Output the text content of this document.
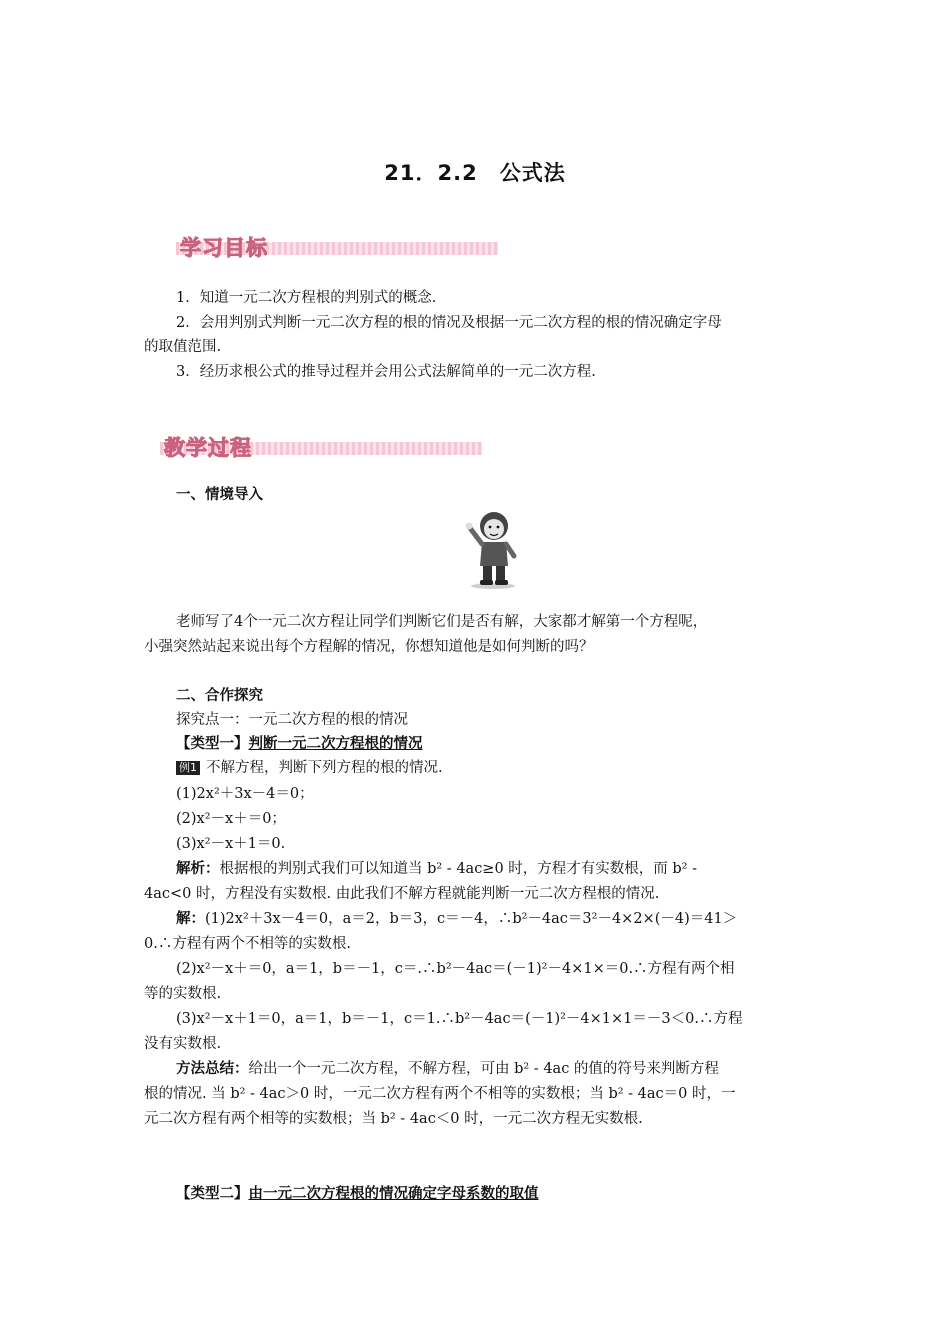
21．2.2　公式法
学习目标
1．知道一元二次方程根的判别式的概念.
2．会用判别式判断一元二次方程的根的情况及根据一元二次方程的根的情况确定字母
的取值范围.
3．经历求根公式的推导过程并会用公式法解简单的一元二次方程.
教学过程
一、情境导入
老师写了4个一元二次方程让同学们判断它们是否有解，大家都才解第一个方程呢，
小强突然站起来说出每个方程解的情况，你想知道他是如何判断的吗？
二、合作探究
探究点一：一元二次方程的根的情况
【类型一】判断一元二次方程根的情况
例1 不解方程，判断下列方程的根的情况.
(1)2x²＋3x－4＝0；
(2)x²－x＋＝0；
(3)x²－x＋1＝0.
解析：根据根的判别式我们可以知道当 b² - 4ac≥0 时，方程才有实数根，而 b² -
4ac<0 时，方程没有实数根. 由此我们不解方程就能判断一元二次方程根的情况.
解：(1)2x²＋3x－4＝0，a＝2，b＝3，c＝－4，∴b²－4ac＝3²－4×2×(－4)＝41＞
0.∴方程有两个不相等的实数根.
(2)x²－x＋＝0，a＝1，b＝－1，c＝.∴b²－4ac＝(－1)²－4×1×＝0.∴方程有两个相
等的实数根.
(3)x²－x＋1＝0，a＝1，b＝－1，c＝1.∴b²－4ac＝(－1)²－4×1×1＝－3＜0.∴方程
没有实数根.
方法总结：给出一个一元二次方程，不解方程，可由 b² - 4ac 的值的符号来判断方程
根的情况. 当 b² - 4ac＞0 时，一元二次方程有两个不相等的实数根；当 b² - 4ac＝0 时，一
元二次方程有两个相等的实数根；当 b² - 4ac＜0 时，一元二次方程无实数根.
【类型二】由一元二次方程根的情况确定字母系数的取值
